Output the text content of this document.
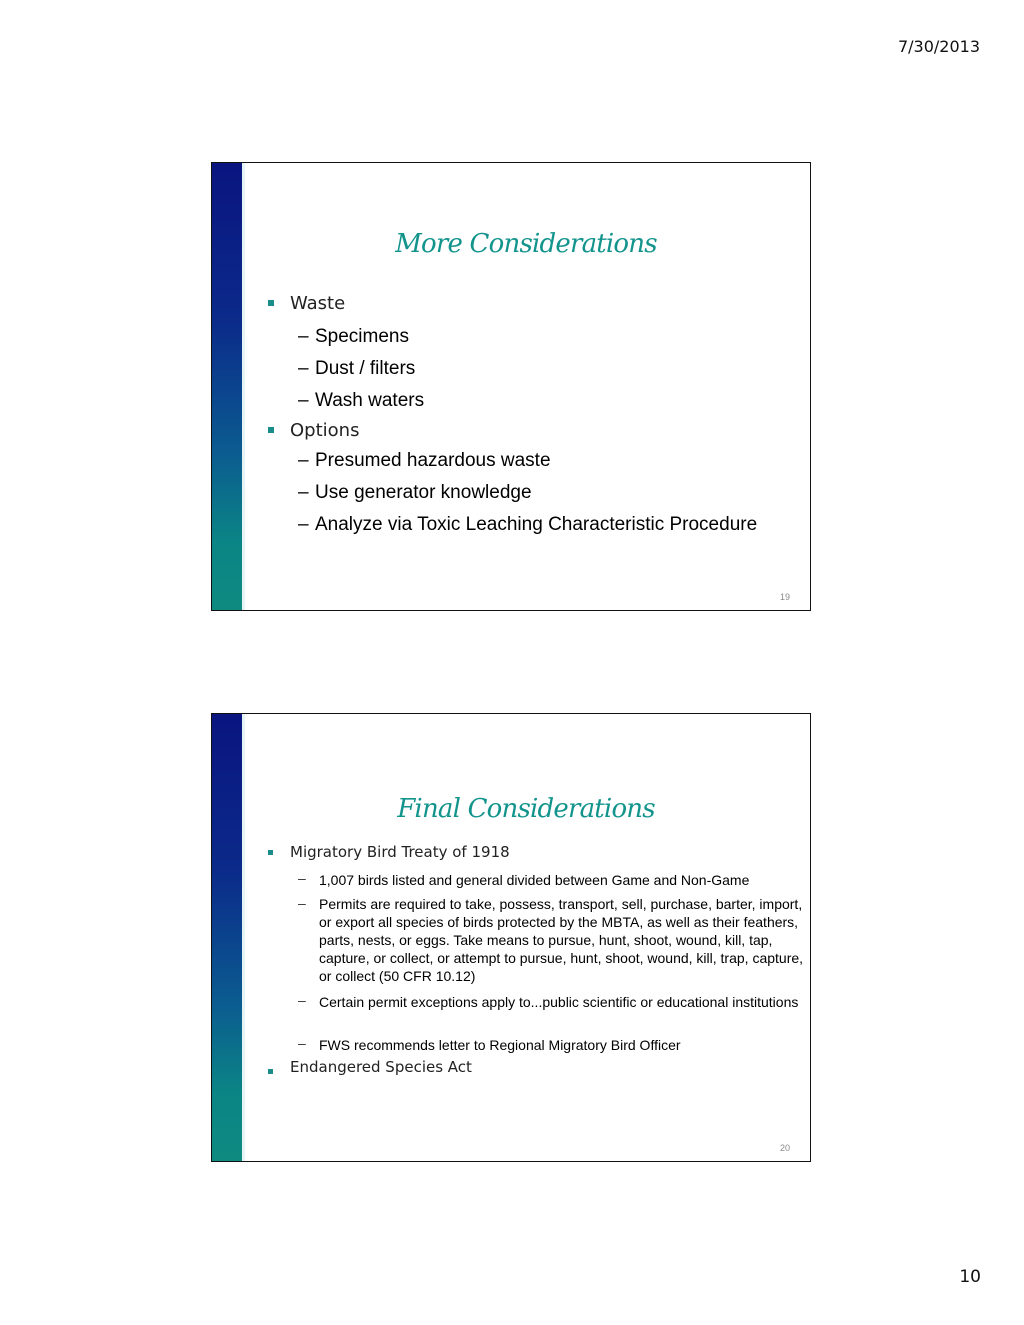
7/30/2013
More Considerations
Waste
– Specimens
– Dust / filters
– Wash waters
Options
– Presumed hazardous waste
– Use generator knowledge
– Analyze via Toxic Leaching Characteristic Procedure
19
Final Considerations
Migratory Bird Treaty of 1918
– 1,007 birds listed and general divided between Game and Non-Game
– Permits are required to take, possess, transport, sell, purchase, barter, import, or export all species of birds protected by the MBTA, as well as their feathers, parts, nests, or eggs. Take means to pursue, hunt, shoot, wound, kill, tap, capture, or collect, or attempt to pursue, hunt, shoot, wound, kill, trap, capture, or collect (50 CFR 10.12)
– Certain permit exceptions apply to...public scientific or educational institutions
– FWS recommends letter to Regional Migratory Bird Officer
Endangered Species Act
20
10
